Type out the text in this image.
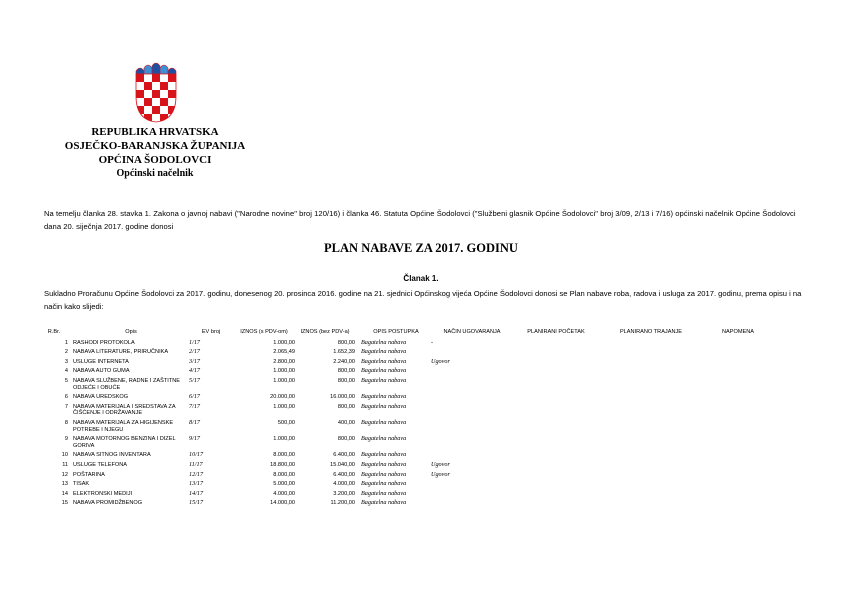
REPUBLIKA HRVATSKA
OSJEČKO-BARANJSKA ŽUPANIJA
OPĆINA ŠODOLOVCI
Općinski načelnik
Na temelju članka 28. stavka 1. Zakona o javnoj nabavi ("Narodne novine" broj 120/16) i članka 46. Statuta Općine Šodolovci ("Službeni glasnik Općine Šodolovci" broj 3/09, 2/13 i 7/16) općinski načelnik Općine Šodolovci dana 20. siječnja 2017. godine donosi
PLAN NABAVE ZA 2017. GODINU
Članak 1.
Sukladno Proračunu Općine Šodolovci za 2017. godinu, donesenog 20. prosinca 2016. godine na 21. sjednici Općinskog vijeća Općine Šodolovci donosi se Plan nabave roba, radova i usluga za 2017. godinu, prema opisu i na način kako slijedi:
R.Br.	Opis	EV broj	IZNOS (s PDV-om)	IZNOS (bez PDV-a)	OPIS POSTUPKA	NAČIN UGOVARANJA	PLANIRANI POČETAK	PLANIRANO TRAJANJE	NAPOMENA
1	RASHODI PROTOKOLA	1/17	1.000,00	800,00	Bagatelna nabava	-			
2	NABAVA LITERATURE, PRIRUČNIKA	2/17	2.065,49	1.652,39	Bagatelna nabava				
3	USLUGE INTERNETA	3/17	2.800,00	2.240,00	Bagatelna nabava	Ugovor			
4	NABAVA AUTO GUMA	4/17	1.000,00	800,00	Bagatelna nabava				
5	NABAVA SLUŽBENE, RADNE I ZAŠTITNE ODJEĆE I OBUĆE	5/17	1.000,00	800,00	Bagatelna nabava				
6	NABAVA UREDSKOG	6/17	20.000,00	16.000,00	Bagatelna nabava				
7	NABAVA MATERIJALA I SREDSTAVA ZA ČIŠĆENJE I ODRŽAVANJE	7/17	1.000,00	800,00	Bagatelna nabava				
8	NABAVA MATERIJALA ZA HIGIJENSKE POTREBE I NJEGU	8/17	500,00	400,00	Bagatelna nabava				
9	NABAVA MOTORNOG BENZINA I DIZEL GORIVA	9/17	1.000,00	800,00	Bagatelna nabava				
10	NABAVA SITNOG INVENTARA	10/17	8.000,00	6.400,00	Bagatelna nabava				
11	USLUGE TELEFONA	11/17	18.800,00	15.040,00	Bagatelna nabava	Ugovor			
12	POŠTARINA	12/17	8.000,00	6.400,00	Bagatelna nabava	Ugovor			
13	TISAK	13/17	5.000,00	4.000,00	Bagatelna nabava				
14	ELEKTRONSKI MEDIJI	14/17	4.000,00	3.200,00	Bagatelna nabava				
15	NABAVA PROMIDŽBENOG	15/17	14.000,00	11.200,00	Bagatelna nabava				
